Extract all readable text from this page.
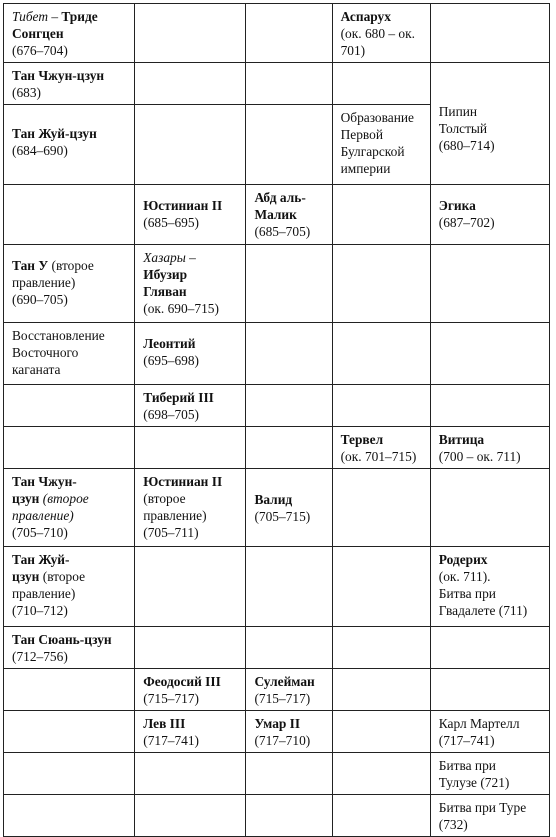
Тибет – Триде
Сонгцен
(676–704)			Аспарух
(ок. 680 – ок.
701)	

Тан Чжун-цзун
(683)				Пипин
Толстый
(680–714)

Тан Жуй-цзун
(684–690)			Образование
Первой
Булгарской
империи	

	Юстиниан II
(685–695)	Абд аль-
Малик
(685–705)		Эгика
(687–702)

Тан У (второе
правление)
(690–705)	Хазары –
Ибузир
Гляван
(ок. 690–715)			

Восстановление
Восточного
каганата	Леонтий
(695–698)			

	Тиберий III
(698–705)			

			Тервел
(ок. 701–715)	Витица
(700 – ок. 711)

Тан Чжун-
цзун (второе
правление)
(705–710)	Юстиниан II
(второе
правление)
(705–711)	Валид
(705–715)		

Тан Жуй-
цзун (второе
правление)
(710–712)				Родерих
(ок. 711).
Битва при
Гвадалете (711)

Тан Сюань-цзун
(712–756)				

	Феодосий III
(715–717)	Сулейман
(715–717)		

	Лев III
(717–741)	Умар II
(717–710)		Карл Мартелл
(717–741)

				Битва при
Тулузе (721)

				Битва при Туре
(732)
